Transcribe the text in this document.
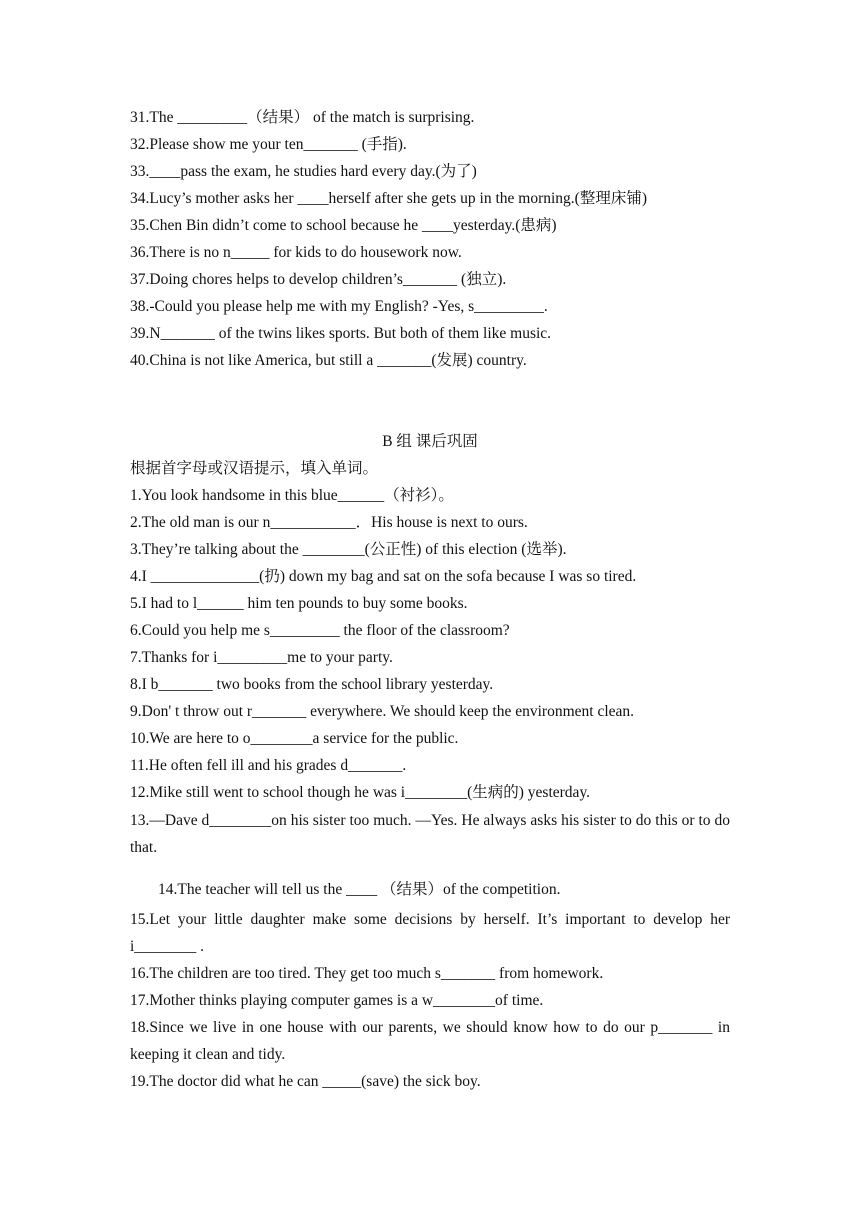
31.The _________（结果） of the match is surprising.
32.Please show me your ten_______ (手指).
33.____pass the exam, he studies hard every day.(为了)
34.Lucy’s mother asks her ____herself after she gets up in the morning.(整理床铺)
35.Chen Bin didn’t come to school because he ____yesterday.(患病)
36.There is no n_____ for kids to do housework now.
37.Doing chores helps to develop children’s_______ (独立).
38.-Could you please help me with my English? -Yes, s_________.
39.N_______ of the twins likes sports. But both of them like music.
40.China is not like America, but still a _______(发展) country.
B 组 课后巩固
根据首字母或汉语提示，填入单词。
1.You look handsome in this blue______（衬衫）。
2.The old man is our n___________．His house is next to ours.
3.They’re talking about the ________(公正性) of this election (选举).
4.I ______________(扔) down my bag and sat on the sofa because I was so tired.
5.I had to l______ him ten pounds to buy some books.
6.Could you help me s_________ the floor of the classroom?
7.Thanks for i_________me to your party.
8.I b_______ two books from the school library yesterday.
9.Don' t throw out r_______ everywhere. We should keep the environment clean.
10.We are here to o________a service for the public.
11.He often fell ill and his grades d_______.
12.Mike still went to school though he was i________(生病的) yesterday.
13.—Dave d________on his sister too much. —Yes. He always asks his sister to do this or to do that.
14.The teacher will tell us the ____ （结果）of the competition.
15.Let your little daughter make some decisions by herself. It’s important to develop her i________ .
16.The children are too tired. They get too much s_______ from homework.
17.Mother thinks playing computer games is a w________of time.
18.Since we live in one house with our parents, we should know how to do our p_______ in keeping it clean and tidy.
19.The doctor did what he can _____(save) the sick boy.
